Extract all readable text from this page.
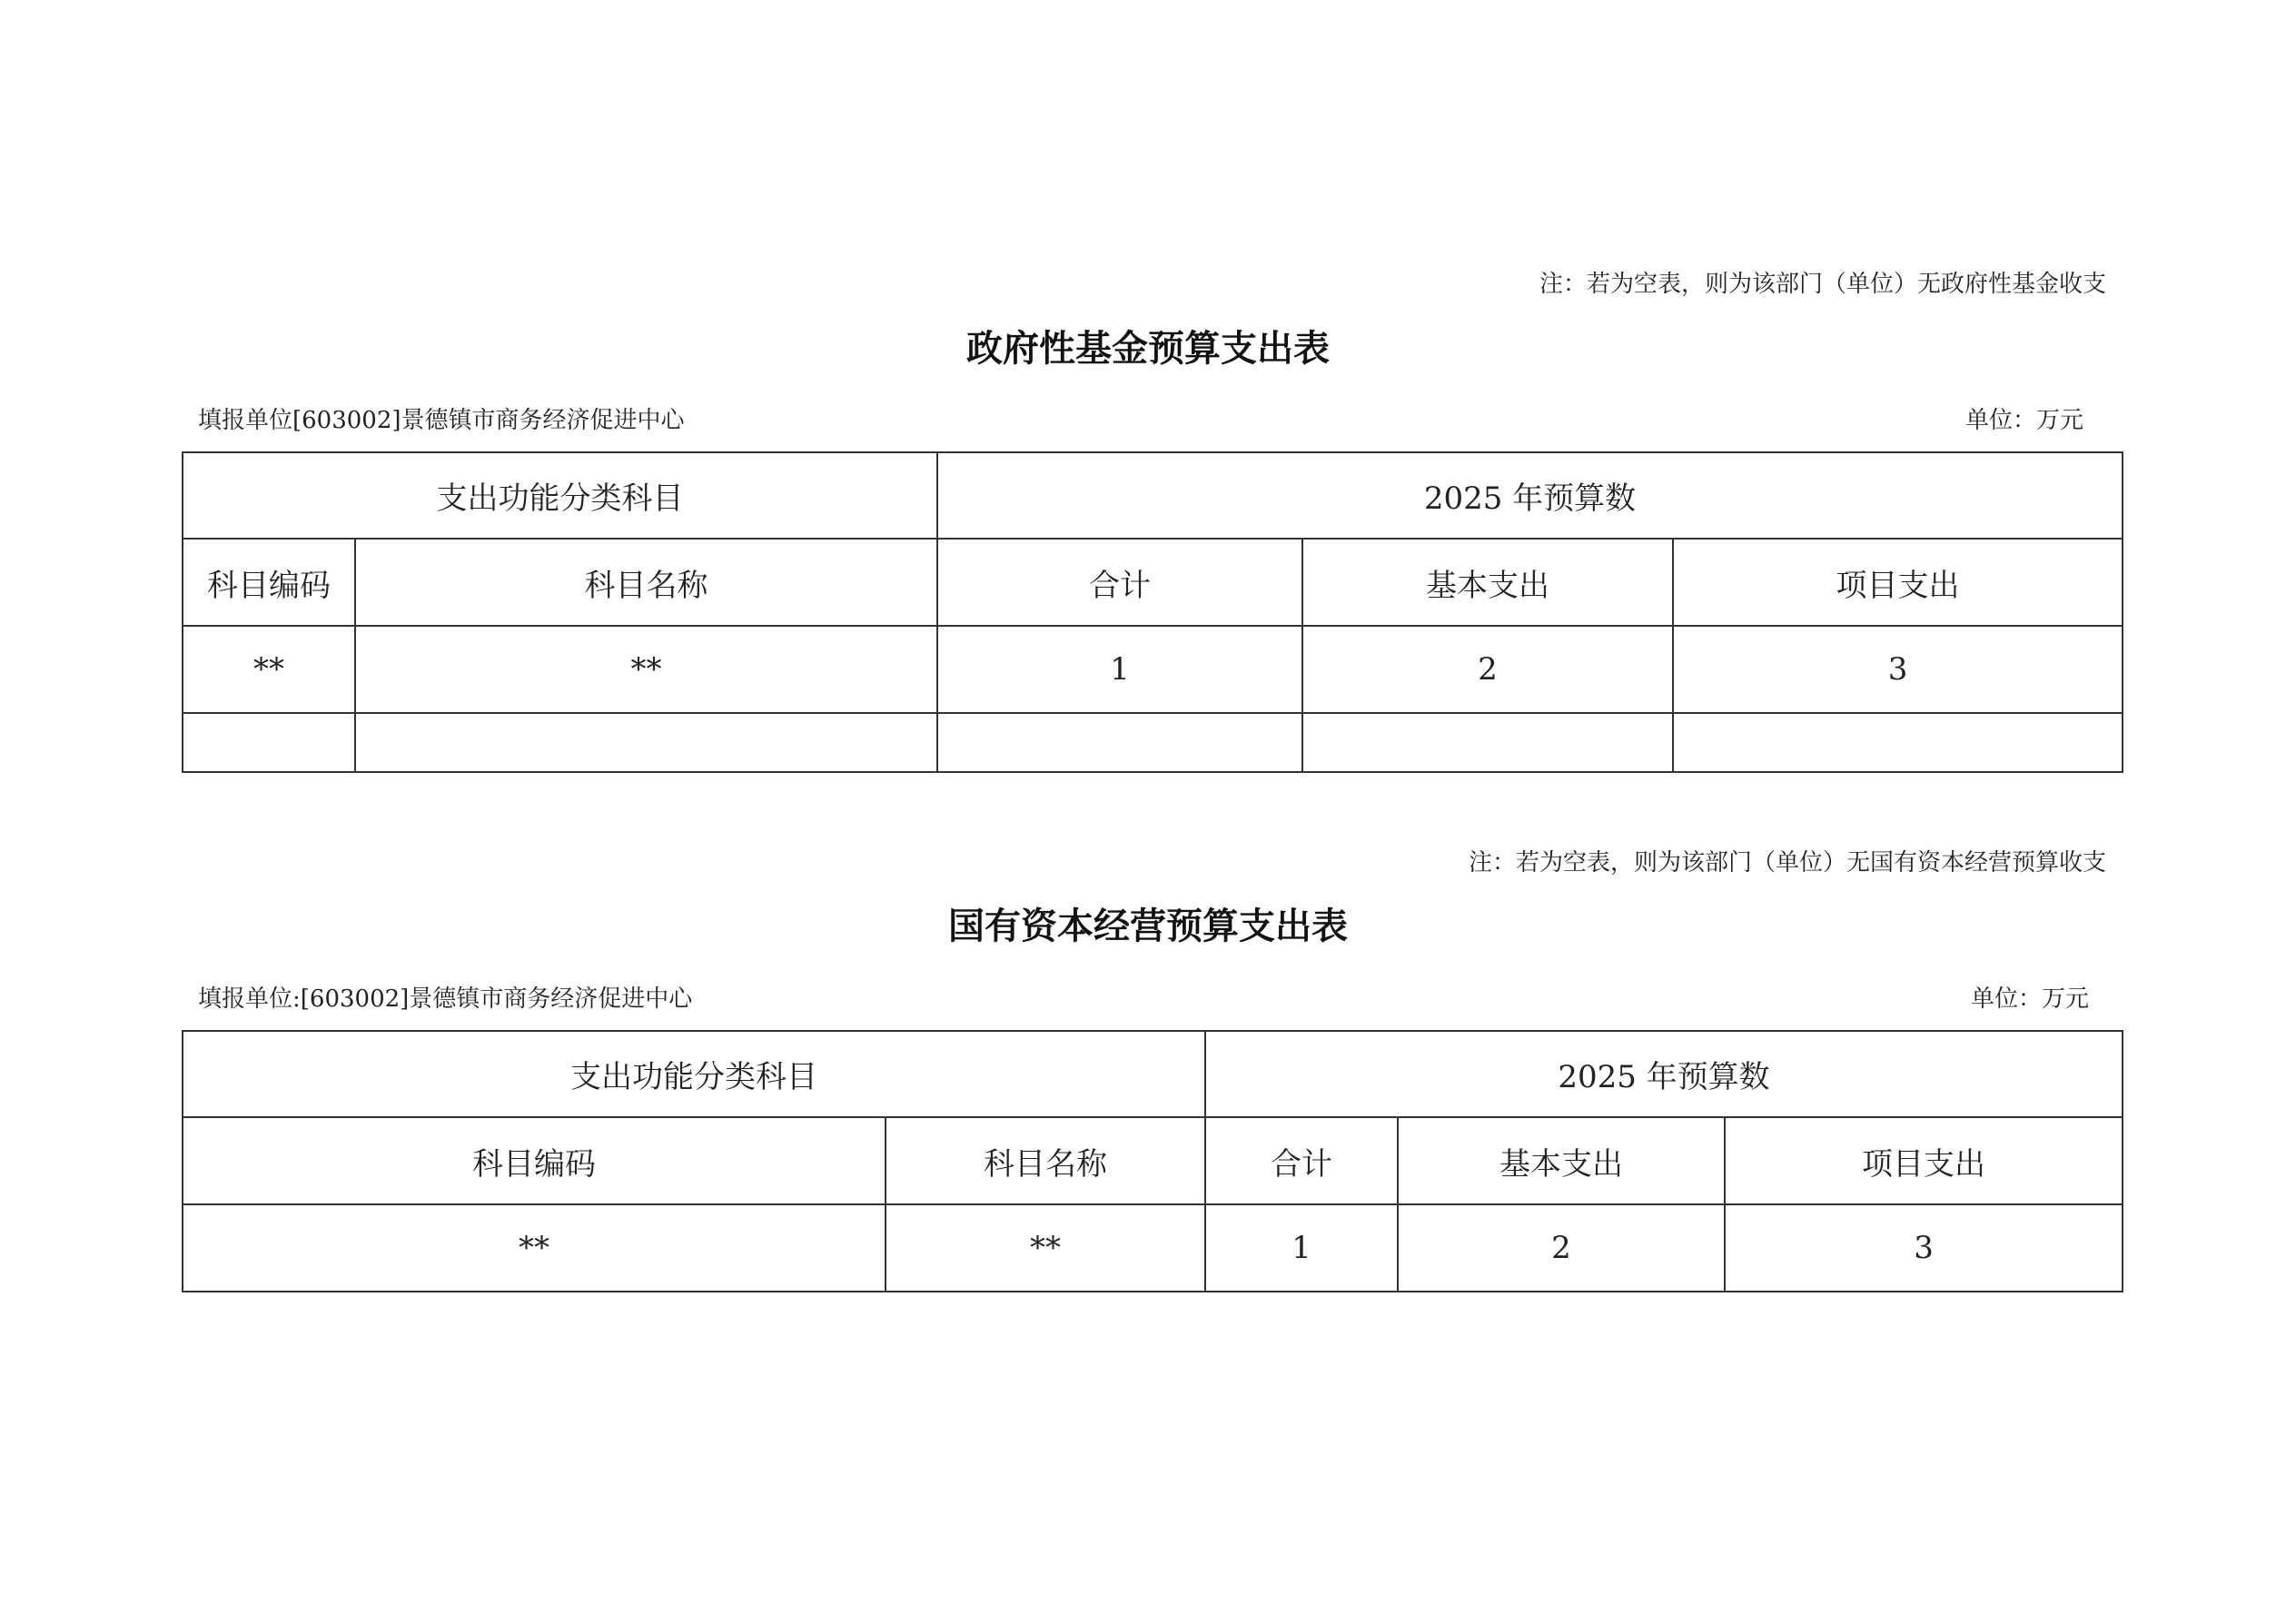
注：若为空表，则为该部门（单位）无政府性基金收支
政府性基金预算支出表
填报单位[603002]景德镇市商务经济促进中心	单位：万元
支出功能分类科目		2025 年预算数		
科目编码	科目名称	合计	基本支出	项目支出
**	**	1	2	3

注：若为空表，则为该部门（单位）无国有资本经营预算收支
国有资本经营预算支出表
填报单位:[603002]景德镇市商务经济促进中心	单位：万元
支出功能分类科目		2025 年预算数		
科目编码	科目名称	合计	基本支出	项目支出
**	**	1	2	3
